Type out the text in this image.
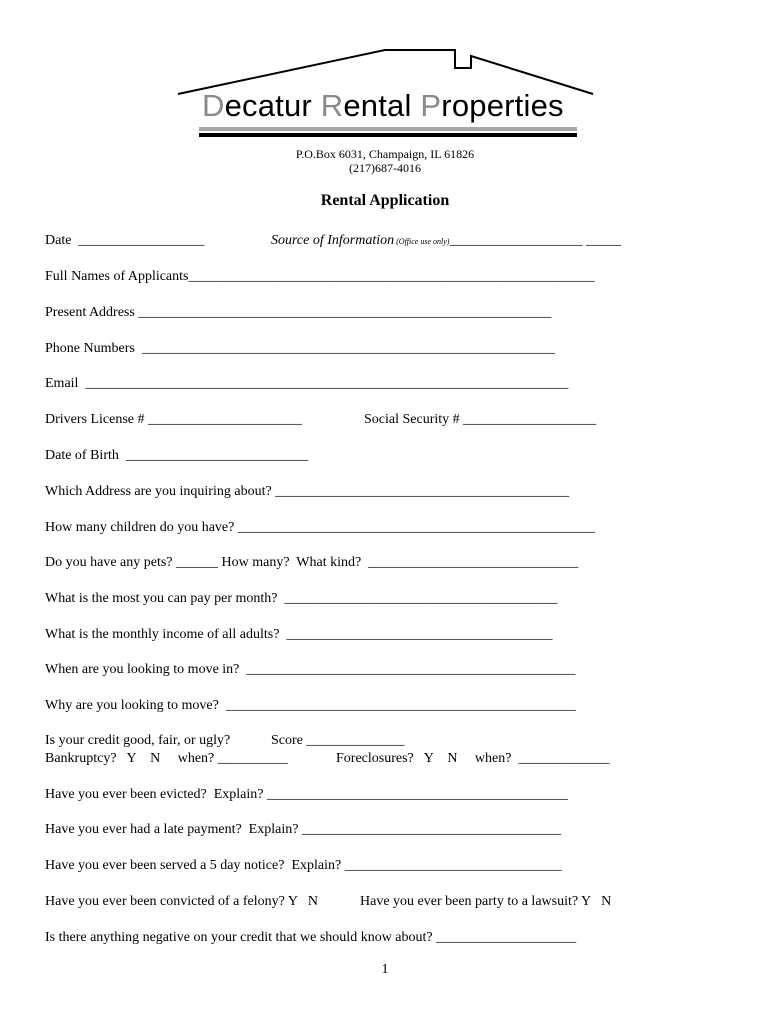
Decatur Rental Properties
P.O.Box 6031, Champaign, IL 61826
(217)687-4016
Rental Application
Date  __________________	Source of Information (Office use only)___________________ _____
Full Names of Applicants__________________________________________________________
Present Address ___________________________________________________________
Phone Numbers  ___________________________________________________________
Email  _____________________________________________________________________
Drivers License # ______________________	Social Security # ___________________
Date of Birth  __________________________
Which Address are you inquiring about? __________________________________________
How many children do you have? ___________________________________________________
Do you have any pets? ______ How many?  What kind?  ______________________________
What is the most you can pay per month?  _______________________________________
What is the monthly income of all adults?  ______________________________________
When are you looking to move in?  _______________________________________________
Why are you looking to move?  __________________________________________________
Is your credit good, fair, or ugly?	Score ______________
Bankruptcy?   Y    N     when? __________	Foreclosures?   Y    N     when?  _____________
Have you ever been evicted?  Explain? ___________________________________________
Have you ever had a late payment?  Explain? _____________________________________
Have you ever been served a 5 day notice?  Explain? _______________________________
Have you ever been convicted of a felony? Y   N	Have you ever been party to a lawsuit? Y   N
Is there anything negative on your credit that we should know about? ____________________
1
